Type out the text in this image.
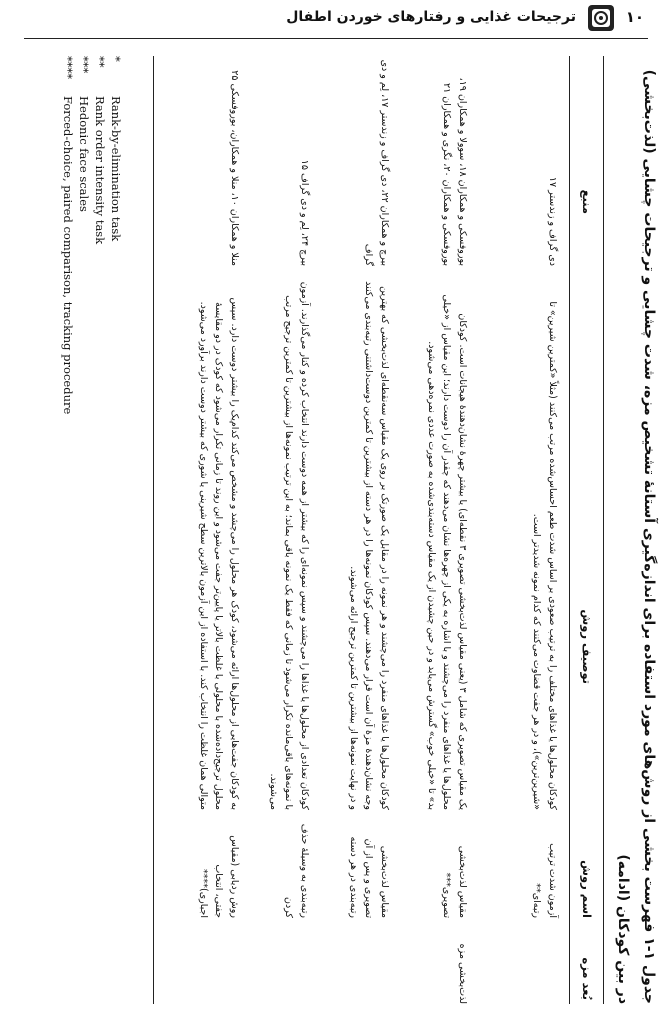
۱۰
ترجیحات غذایی و رفتارهای خوردن اطفال
جدول ۱-۱ فهرست بخشی از روش‌های مورد استفاده برای اندازه‌گیری آستانهٔ تشخیص مزه، شدت چشایی و ترجیحات چشایی (لذت‌بخشی) در بین کودکان (ادامه)
بُعد مزه
اسم روش
توصیف روش
منبع
لذت‌بخشی مزه
آزمون شدت ترتیب رتبه‌ای**
کودکان محلول‌ها یا غذاهای مختلف را به ترتیب صعودی بر اساس شدت طعم احساس‌شده مرتب می‌کنند (مثلاً «کمترین شیرین» تا «شیرین‌ترین»)، و در هر جفت قضاوت می‌کنند که کدام نمونه شدیدتر است.
دی گراف و زندستر ۱۷
مقیاس لذت‌بخشی تصویری***
یک مقیاس تصویری که شامل ۳ (یعنی مقیاس لذت‌بخشی تصویری ۳ نقطه‌ای) یا بیشتر چهرهٔ نشان‌دهندهٔ هیجانات است. کودکان محلول‌ها یا غذاهای منفرد را می‌چشند و با اشاره به یکی از چهره‌ها نشان می‌دهند که چقدر آن را دوست دارند؛ این مقیاس از «خیلی بد» تا «خیلی خوب» گسترش می‌یابد و در حین چشیدن از یک مقیاس دسته‌بندی‌شده به صورت عددی نمره‌دهی می‌شود.
بوروفسکی و همکاران ۱۸، سوولا و همکاران ۱۹، بوروفسکی و همکاران ۲۰، نگری و همکاران ۲۱
مقیاس لذت‌بخشی تصویری و پس از آن رتبه‌بندی در هر دسته
کودکان محلول‌ها یا غذاهای منفرد را می‌چشند و هر نمونه را در مقابل یک صورتک بر روی یک مقیاس سه‌نقطه‌ای لذت‌بخشی که بهترین وجه نشان‌دهندهٔ مزهٔ آن است قرار می‌دهند. سپس کودکان نمونه‌ها را در هر دسته از بیشترین تا کمترین دوست‌داشتنی رتبه‌بندی می‌کنند و در نهایت نمونه‌ها از بیشترین تا کمترین ترجیح ارائه می‌شوند.
بیرچ و همکاران ۲۲، دی گراف و زندستر ۱۷، لِم و دی گراف
رتبه‌بندی به وسیلهٔ حذف کردن
کودکان تعدادی از محلول‌ها یا غذاها را می‌چشند و سپس نمونه‌ای را که بیشتر از همه دوست دارند انتخاب کرده و کنار می‌گذارند. آزمون با نمونه‌های باقی‌مانده تکرار می‌شود تا زمانی که فقط یک نمونه باقی بماند؛ به این ترتیب نمونه‌ها از بیشترین تا کمترین ترجیح مرتب می‌شوند.
بیرچ ۲۴، لِم و دی گراف ۱۵
روش ردیابی (مقیاس جفتی، انتخاب اجباری)****
به کودکان جفت‌هایی از محلول‌ها ارائه می‌شود، کودک هر محلول را می‌چشد و مشخص می‌کند کدام‌یک را بیشتر دوست دارد. سپس محلول ترجیح‌داده‌شده با محلولی با غلظت بالاتر یا پایین‌تر جفت می‌شود و این روند تا زمانی تکرار می‌شود که کودک در دو مقایسهٔ متوالی همان غلظت را انتخاب کند. با استفاده از این آزمون بالاترین سطح شیرینی یا شوری که بیشتر دوست دارند برآورد می‌شود.
منلا و همکاران ۱۰، منلا و همکاران، بوروفسکی ۲۵
*
Rank-by-elimination task
**
Rank order intensity task
***
Hedonic face scales
****
Forced-choice, paired comparison, tracking procedure
